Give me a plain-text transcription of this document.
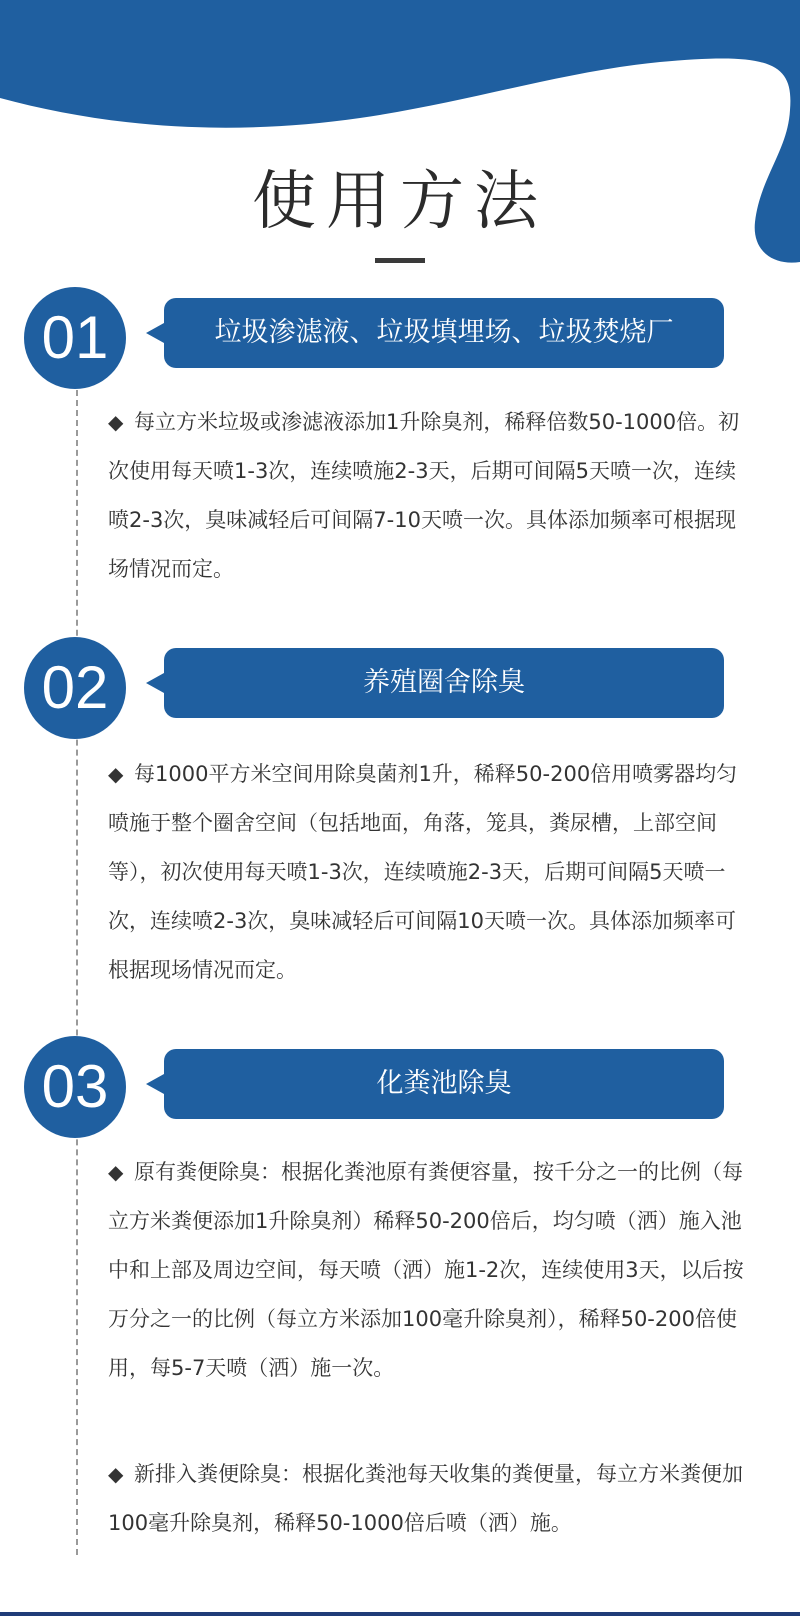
使用方法
01	垃圾渗滤液、垃圾填埋场、垃圾焚烧厂
◆ 每立方米垃圾或渗滤液添加1升除臭剂，稀释倍数50-1000倍。初次使用每天喷1-3次，连续喷施2-3天，后期可间隔5天喷一次，连续喷2-3次，臭味减轻后可间隔7-10天喷一次。具体添加频率可根据现场情况而定。
02	养殖圈舍除臭
◆ 每1000平方米空间用除臭菌剂1升，稀释50-200倍用喷雾器均匀喷施于整个圈舍空间（包括地面，角落，笼具，粪尿槽，上部空间等），初次使用每天喷1-3次，连续喷施2-3天，后期可间隔5天喷一次，连续喷2-3次，臭味减轻后可间隔10天喷一次。具体添加频率可根据现场情况而定。
03	化粪池除臭
◆ 原有粪便除臭：根据化粪池原有粪便容量，按千分之一的比例（每立方米粪便添加1升除臭剂）稀释50-200倍后，均匀喷（洒）施入池中和上部及周边空间，每天喷（洒）施1-2次，连续使用3天，以后按万分之一的比例（每立方米添加100毫升除臭剂），稀释50-200倍使用，每5-7天喷（洒）施一次。
◆ 新排入粪便除臭：根据化粪池每天收集的粪便量，每立方米粪便加100毫升除臭剂，稀释50-1000倍后喷（洒）施。
